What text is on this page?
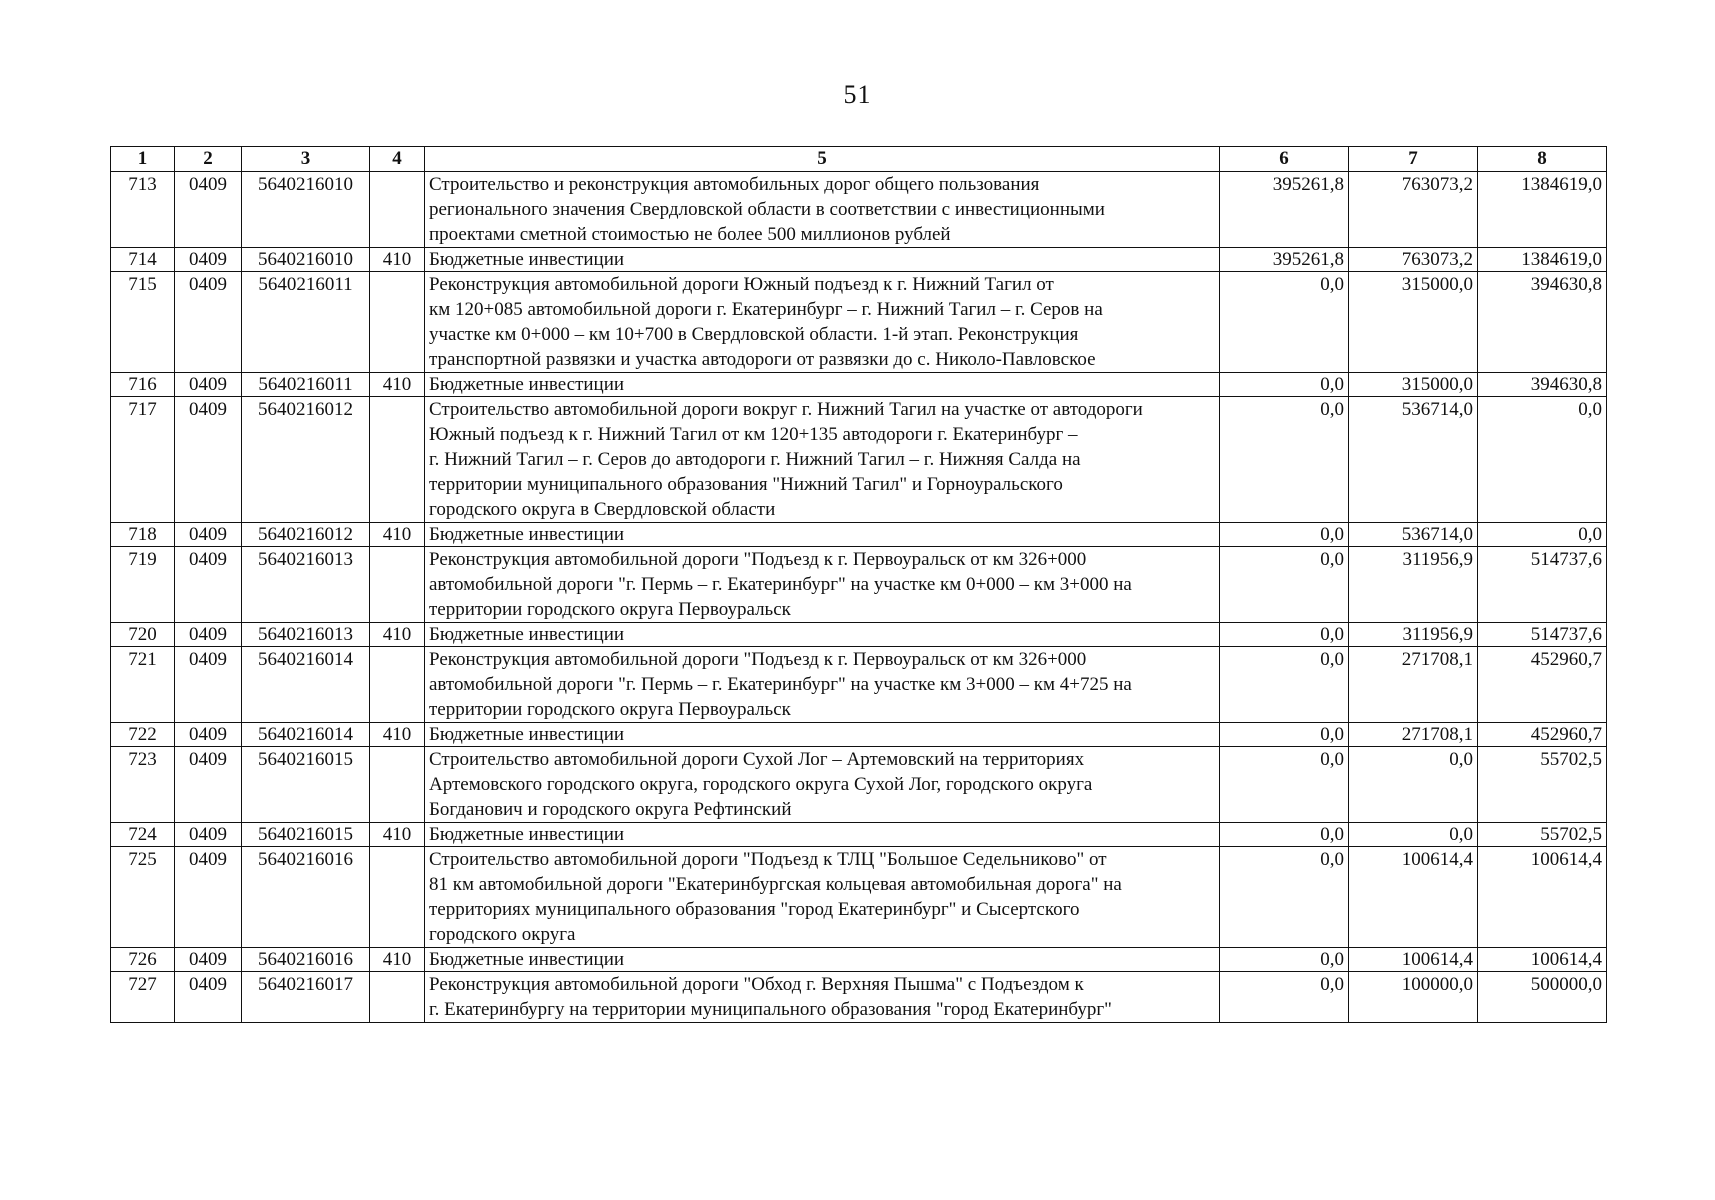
51
1	2	3	4	5	6	7	8
713	0409	5640216010		Строительство и реконструкция автомобильных дорог общего пользования
регионального значения Свердловской области в соответствии с инвестиционными
проектами сметной стоимостью не более 500 миллионов рублей	395261,8	763073,2	1384619,0
714	0409	5640216010	410	Бюджетные инвестиции	395261,8	763073,2	1384619,0
715	0409	5640216011		Реконструкция автомобильной дороги Южный подъезд к г. Нижний Тагил от
км 120+085 автомобильной дороги г. Екатеринбург – г. Нижний Тагил – г. Серов на
участке км 0+000 – км 10+700 в Свердловской области. 1-й этап. Реконструкция
транспортной развязки и участка автодороги от развязки до с. Николо-Павловское	0,0	315000,0	394630,8
716	0409	5640216011	410	Бюджетные инвестиции	0,0	315000,0	394630,8
717	0409	5640216012		Строительство автомобильной дороги вокруг г. Нижний Тагил на участке от автодороги
Южный подъезд к г. Нижний Тагил от км 120+135 автодороги г. Екатеринбург –
г. Нижний Тагил – г. Серов до автодороги г. Нижний Тагил – г. Нижняя Салда на
территории муниципального образования "Нижний Тагил" и Горноуральского
городского округа в Свердловской области	0,0	536714,0	0,0
718	0409	5640216012	410	Бюджетные инвестиции	0,0	536714,0	0,0
719	0409	5640216013		Реконструкция автомобильной дороги "Подъезд к г. Первоуральск от км 326+000
автомобильной дороги "г. Пермь – г. Екатеринбург" на участке км 0+000 – км 3+000 на
территории городского округа Первоуральск	0,0	311956,9	514737,6
720	0409	5640216013	410	Бюджетные инвестиции	0,0	311956,9	514737,6
721	0409	5640216014		Реконструкция автомобильной дороги "Подъезд к г. Первоуральск от км 326+000
автомобильной дороги "г. Пермь – г. Екатеринбург" на участке км 3+000 – км 4+725 на
территории городского округа Первоуральск	0,0	271708,1	452960,7
722	0409	5640216014	410	Бюджетные инвестиции	0,0	271708,1	452960,7
723	0409	5640216015		Строительство автомобильной дороги Сухой Лог – Артемовский на территориях
Артемовского городского округа, городского округа Сухой Лог, городского округа
Богданович и городского округа Рефтинский	0,0	0,0	55702,5
724	0409	5640216015	410	Бюджетные инвестиции	0,0	0,0	55702,5
725	0409	5640216016		Строительство автомобильной дороги "Подъезд к ТЛЦ "Большое Седельниково" от
81 км автомобильной дороги "Екатеринбургская кольцевая автомобильная дорога" на
территориях муниципального образования "город Екатеринбург" и Сысертского
городского округа	0,0	100614,4	100614,4
726	0409	5640216016	410	Бюджетные инвестиции	0,0	100614,4	100614,4
727	0409	5640216017		Реконструкция автомобильной дороги "Обход г. Верхняя Пышма" с Подъездом к
г. Екатеринбургу на территории муниципального образования "город Екатеринбург"	0,0	100000,0	500000,0
